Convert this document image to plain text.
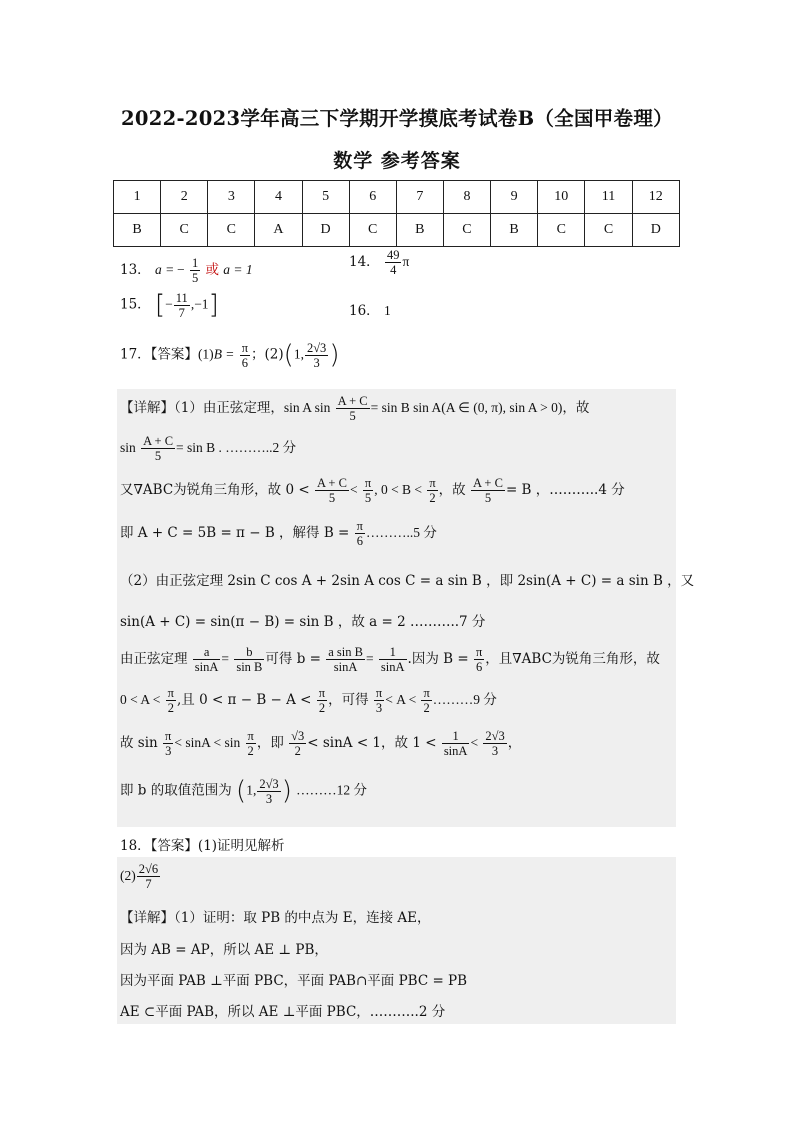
2022-2023学年高三下学期开学摸底考试卷B（全国甲卷理）
数学 参考答案
1	2	3	4	5	6	7	8	9	10	11	12
B	C	C	A	D	C	B	C	B	C	C	D
13． a = − $\frac{1}{5}$ 或 a = 1	14． $\frac{49}{4}$ π
15． [− $\frac{11}{7} ,-1$]	16． 1
17．【答案】$(1)B = \frac{\pi}{6}$ ；(2)(1, $\frac{2√3}{3}$ )
【详解】（1）由正弦定理，sin A $\sin \frac{A + C}{5} = \sin B$ sin A(A ∈ (0, π), sin A > 0)，故
$\sin \frac{A + C}{5} = \sin B$ . ………..2 分
又∇ABC为锐角三角形，故 $0 < \frac{A + C}{5} < \frac{\pi}{5}$ , $0 < B < \frac{\pi}{2}$ ，故 $\frac{A + C}{5} = B$ ，………..4 分
即 A + C = 5B = π − B ，解得 $B = \frac{\pi}{6}$ ………..5 分
（2）由正弦定理 2sin C cos A + 2sin A cos C = a sin B ，即 2sin(A + C) = a sin B ，又
sin(A + C) = sin(π − B) = sin B ，故 a = 2 ………..7 分
由正弦定理 $\frac{a}{\sin A} = \frac{b}{\text{sin B}}$ 可得 $b = \frac{\text{a sin B}}{\sin A} = \frac{1}{\sin A}$ .因为 $B = \frac{\pi}{6}$ ，且∇ABC为锐角三角形，故
$0 < A < \frac{\pi}{2}$ ,且 $0 < \pi - B - A < \frac{\pi}{2}$ ，可得 $\frac{\pi}{3} < A < \frac{\pi}{2}$ ………9 分
故 $\sin \frac{\pi}{3} < \sin A < \sin \frac{\pi}{2}$ ，即 $\frac{√3}{2} < \sin A < 1$，故 $1 < \frac{1}{\sin A} < \frac{2√3}{3}$ ，
即 b 的取值范围为 (1, $\frac{2√3}{3}$ ) ………12 分
18．【答案】(1)证明见解析
$(2) \frac{2√6}{7}$
【详解】（1）证明：取 PB 的中点为 E，连接 AE，
因为 AB = AP，所以 AE ⊥ PB，
因为平面 PAB ⊥平面 PBC，平面 PAB∩平面 PBC = PB
AE ⊂平面 PAB，所以 AE ⊥平面 PBC，………..2 分
